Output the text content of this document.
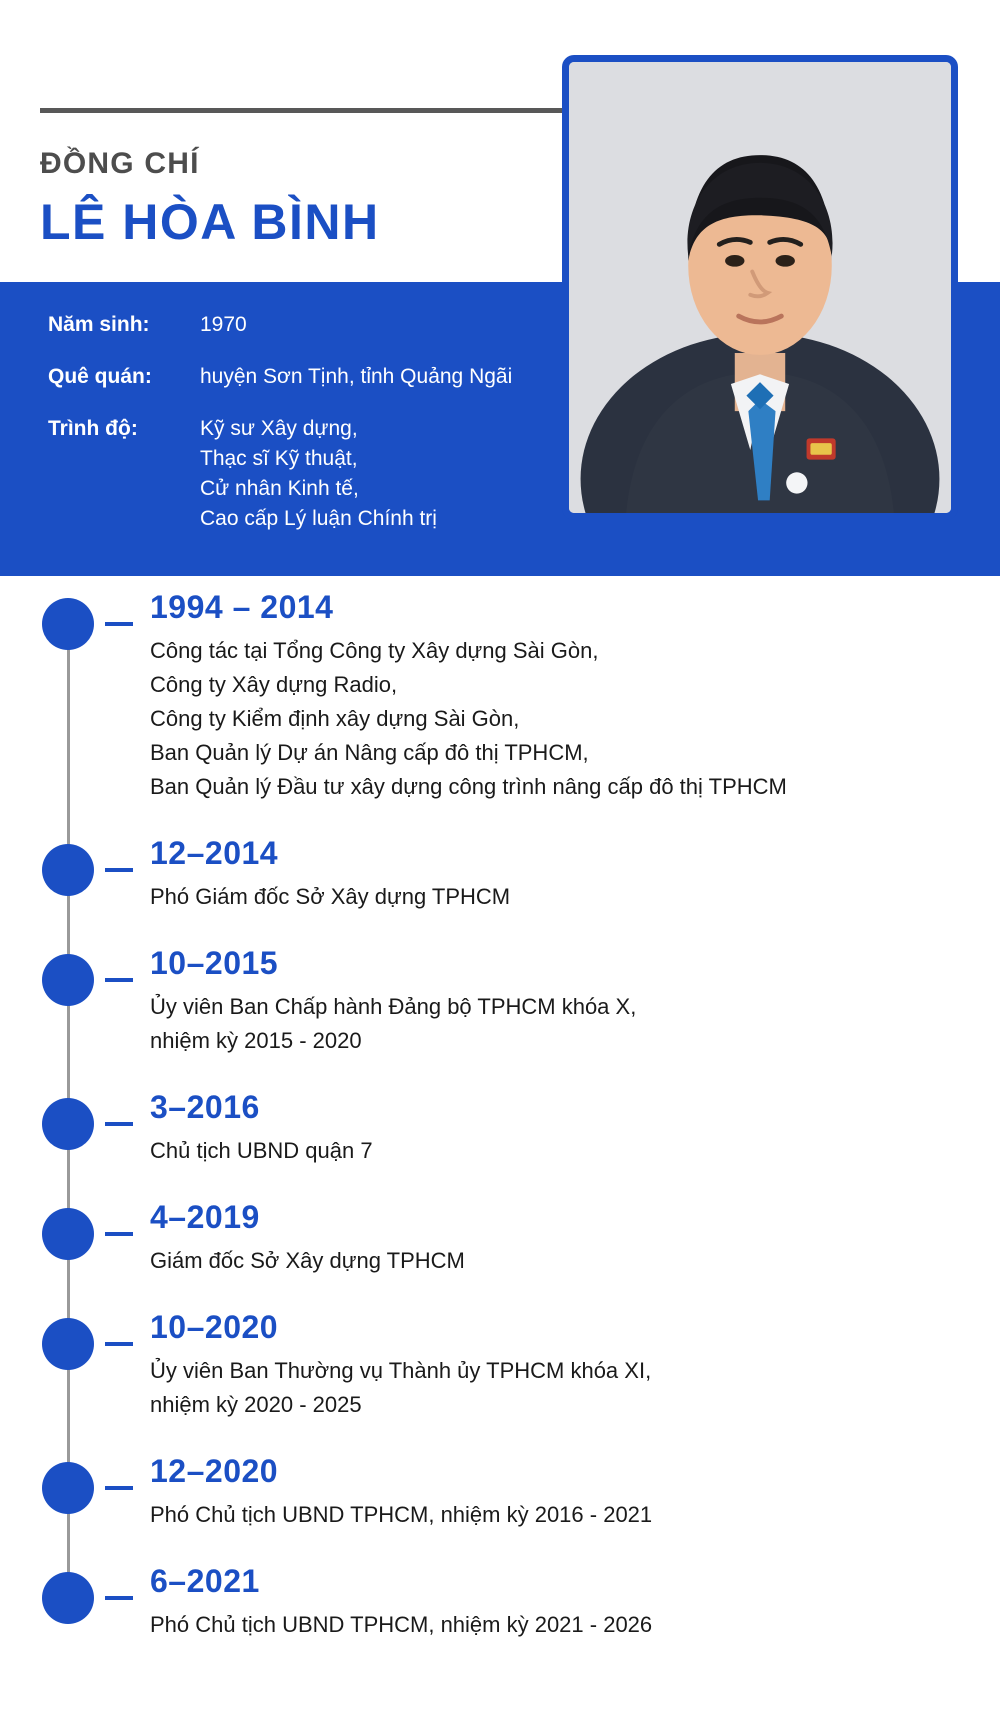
ĐỒNG CHÍ
LÊ HÒA BÌNH
Năm sinh:	1970
Quê quán:	huyện Sơn Tịnh, tỉnh Quảng Ngãi
Trình độ:	Kỹ sư Xây dựng,
Thạc sĩ Kỹ thuật,
Cử nhân Kinh tế,
Cao cấp Lý luận Chính trị
1994 – 2014
Công tác tại Tổng Công ty Xây dựng Sài Gòn,
Công ty Xây dựng Radio,
Công ty Kiểm định xây dựng Sài Gòn,
Ban Quản lý Dự án Nâng cấp đô thị TPHCM,
Ban Quản lý Đầu tư xây dựng công trình nâng cấp đô thị TPHCM
12–2014
Phó Giám đốc Sở Xây dựng TPHCM
10–2015
Ủy viên Ban Chấp hành Đảng bộ TPHCM khóa X,
nhiệm kỳ 2015 - 2020
3–2016
Chủ tịch UBND quận 7
4–2019
Giám đốc Sở Xây dựng TPHCM
10–2020
Ủy viên Ban Thường vụ Thành ủy TPHCM khóa XI,
nhiệm kỳ 2020 - 2025
12–2020
Phó Chủ tịch UBND TPHCM, nhiệm kỳ 2016 - 2021
6–2021
Phó Chủ tịch UBND TPHCM, nhiệm kỳ 2021 - 2026
